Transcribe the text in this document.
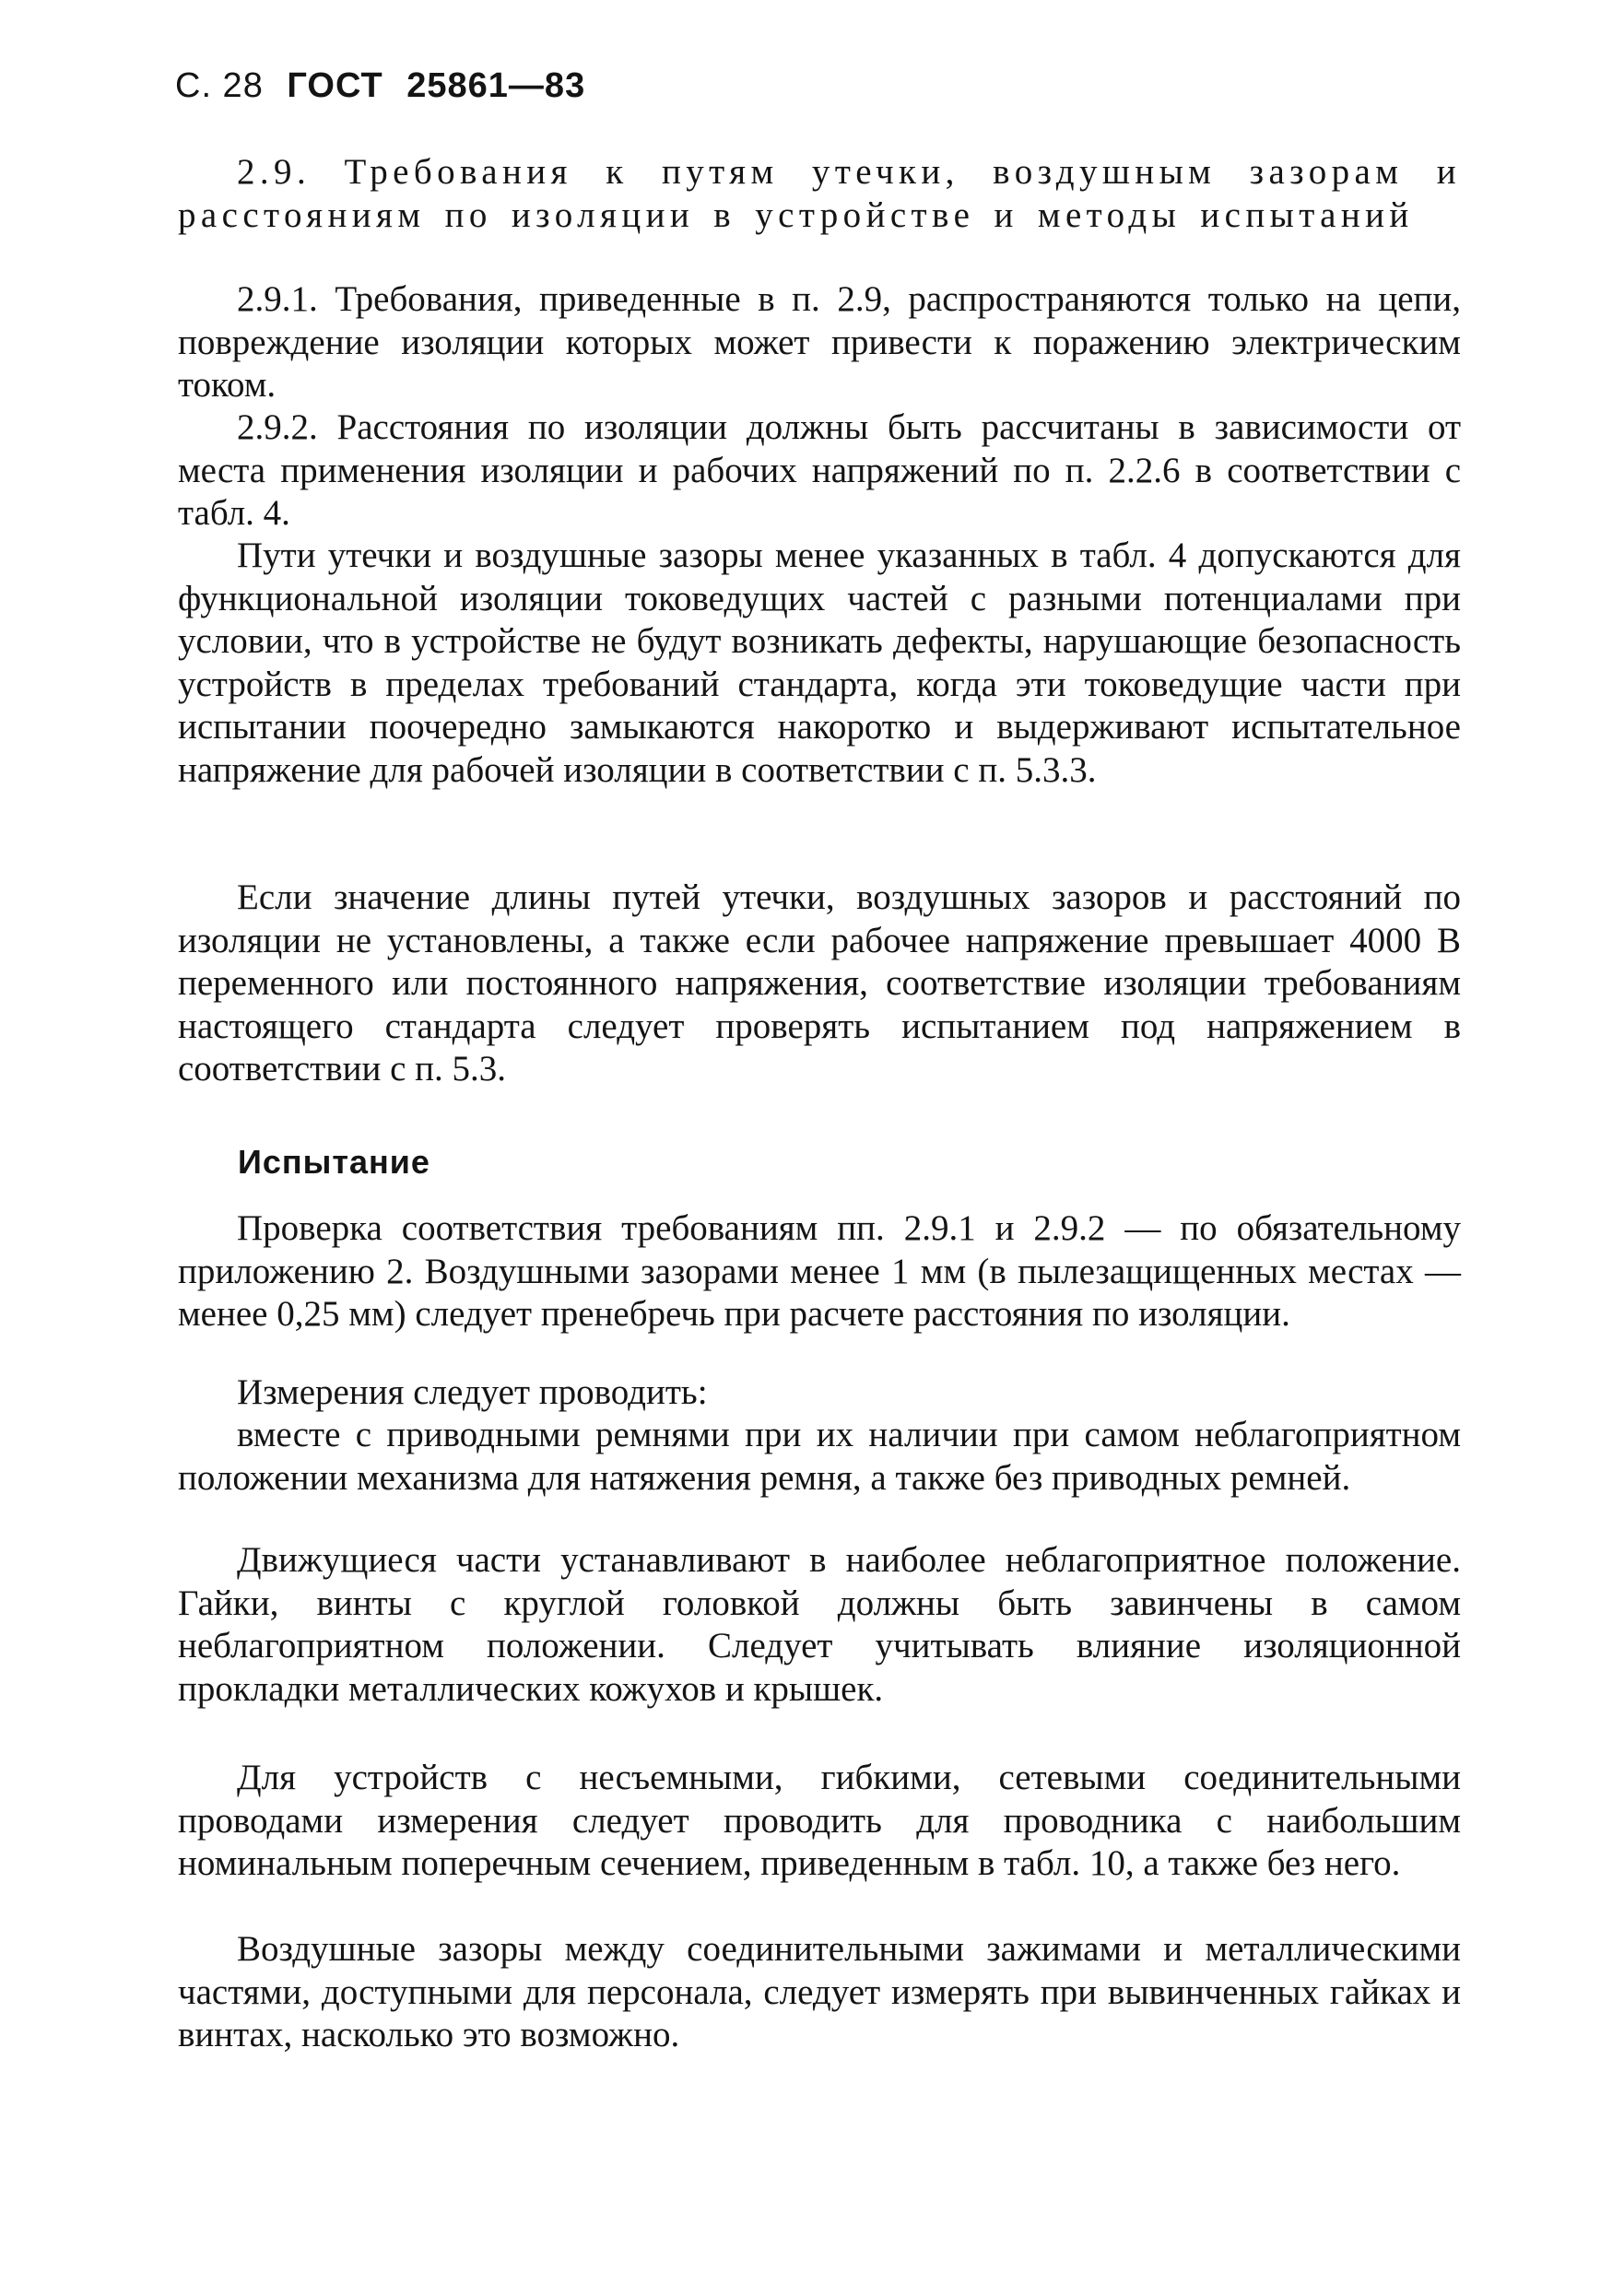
С. 28 ГОСТ 25861—83

2.9. Требования к путям утечки, воздушным зазорам и расстояниям по изоляции в устройстве и методы испытаний

2.9.1. Требования, приведенные в п. 2.9, распространяются только на цепи, повреждение изоляции которых может привести к поражению электрическим током.

2.9.2. Расстояния по изоляции должны быть рассчитаны в зависимости от места применения изоляции и рабочих напряжений по п. 2.2.6 в соответствии с табл. 4.

Пути утечки и воздушные зазоры менее указанных в табл. 4 допускаются для функциональной изоляции токоведущих частей с разными потенциалами при условии, что в устройстве не будут возникать дефекты, нарушающие безопасность устройств в пределах требований стандарта, когда эти токоведущие части при испытании поочередно замыкаются накоротко и выдерживают испытательное напряжение для рабочей изоляции в соответствии с п. 5.3.3.

Если значение длины путей утечки, воздушных зазоров и расстояний по изоляции не установлены, а также если рабочее напряжение превышает 4000 В переменного или постоянного напряжения, соответствие изоляции требованиям настоящего стандарта следует проверять испытанием под напряжением в соответствии с п. 5.3.

Испытание

Проверка соответствия требованиям пп. 2.9.1 и 2.9.2 — по обязательному приложению 2. Воздушными зазорами менее 1 мм (в пылезащищенных местах — менее 0,25 мм) следует пренебречь при расчете расстояния по изоляции.

Измерения следует проводить:

вместе с приводными ремнями при их наличии при самом неблагоприятном положении механизма для натяжения ремня, а также без приводных ремней.

Движущиеся части устанавливают в наиболее неблагоприятное положение. Гайки, винты с круглой головкой должны быть завинчены в самом неблагоприятном положении. Следует учитывать влияние изоляционной прокладки металлических кожухов и крышек.

Для устройств с несъемными, гибкими, сетевыми соединительными проводами измерения следует проводить для проводника с наибольшим номинальным поперечным сечением, приведенным в табл. 10, а также без него.

Воздушные зазоры между соединительными зажимами и металлическими частями, доступными для персонала, следует измерять при вывинченных гайках и винтах, насколько это возможно.
